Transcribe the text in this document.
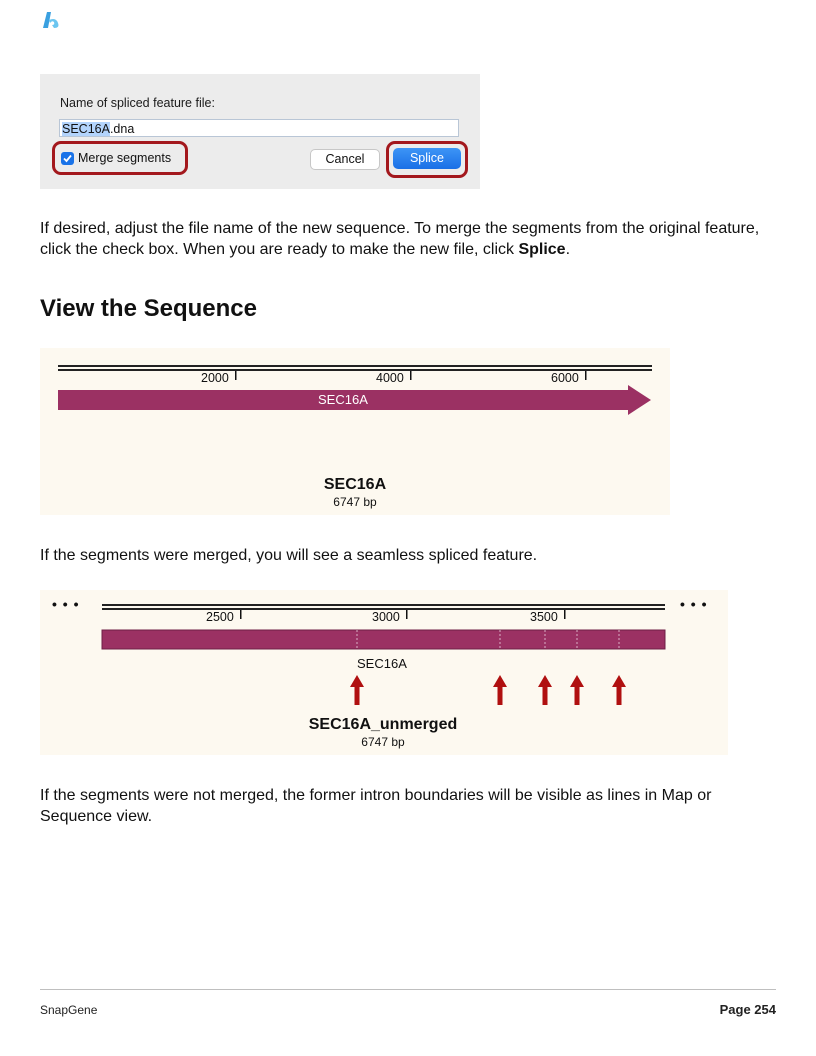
Name of spliced feature file:
SEC16A.dna
Merge segments	Cancel	Splice
If desired, adjust the file name of the new sequence. To merge the segments from the original feature, click the check box. When you are ready to make the new file, click Splice.
View the Sequence
2000	4000	6000
SEC16A
SEC16A
6747 bp
If the segments were merged, you will see a seamless spliced feature.
• • •	• • •
2500	3000	3500
SEC16A
SEC16A_unmerged
6747 bp
If the segments were not merged, the former intron boundaries will be visible as lines in Map or Sequence view.
SnapGene	Page 254
